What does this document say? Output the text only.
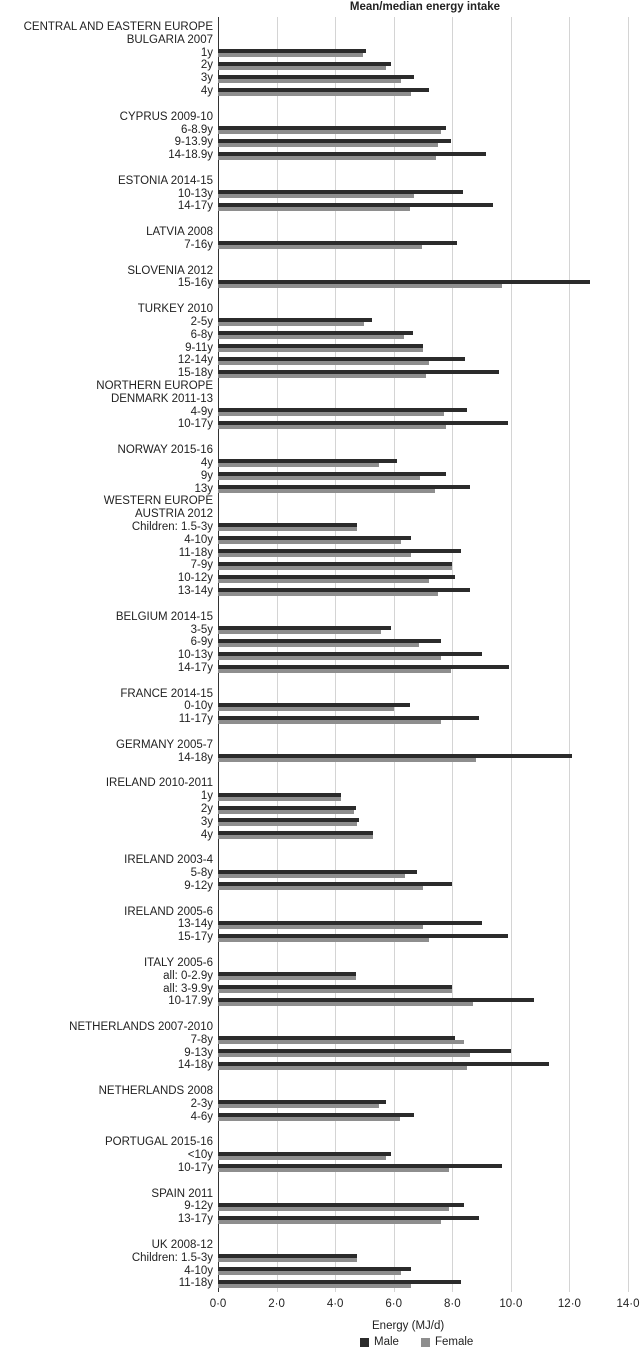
Mean/median energy intake
CENTRAL AND EASTERN EUROPE
BULGARIA 2007
1y
2y
3y
4y
CYPRUS 2009-10
6-8.9y
9-13.9y
14-18.9y
ESTONIA 2014-15
10-13y
14-17y
LATVIA 2008
7-16y
SLOVENIA 2012
15-16y
TURKEY 2010
2-5y
6-8y
9-11y
12-14y
15-18y
NORTHERN EUROPE
DENMARK 2011-13
4-9y
10-17y
NORWAY 2015-16
4y
9y
13y
WESTERN EUROPE
AUSTRIA 2012
Children: 1.5-3y
4-10y
11-18y
7-9y
10-12y
13-14y
BELGIUM 2014-15
3-5y
6-9y
10-13y
14-17y
FRANCE 2014-15
0-10y
11-17y
GERMANY 2005-7
14-18y
IRELAND 2010-2011
1y
2y
3y
4y
IRELAND 2003-4
5-8y
9-12y
IRELAND 2005-6
13-14y
15-17y
ITALY 2005-6
all: 0-2.9y
all: 3-9.9y
10-17.9y
NETHERLANDS 2007-2010
7-8y
9-13y
14-18y
NETHERLANDS 2008
2-3y
4-6y
PORTUGAL 2015-16
<10y
10-17y
SPAIN 2011
9-12y
13-17y
UK 2008-12
Children: 1.5-3y
4-10y
11-18y
0·0	2·0	4·0	6·0	8·0	10·0	12·0	14·0
Energy (MJ/d)
Male	Female
